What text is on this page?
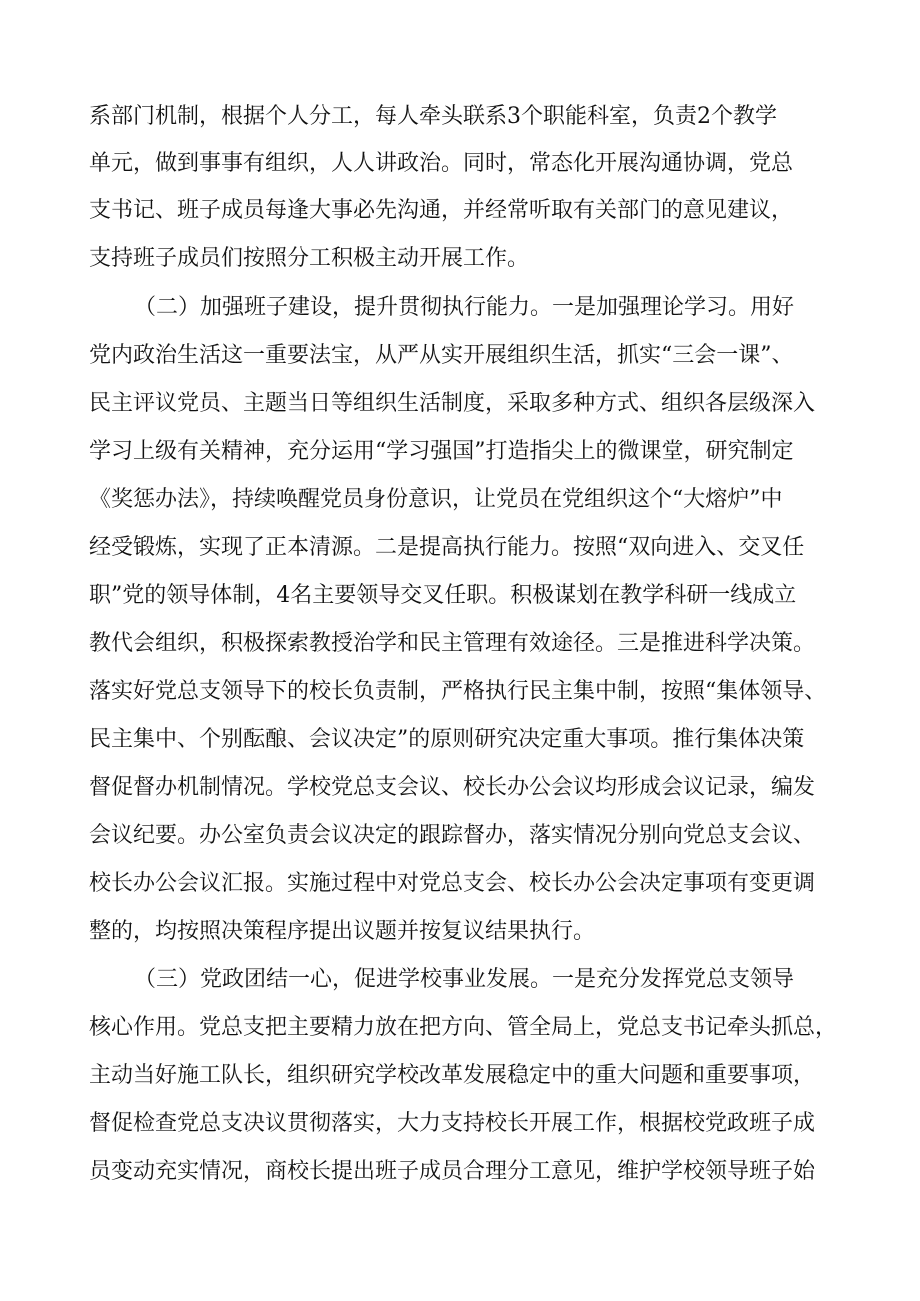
系部门机制，根据个人分工，每人牵头联系3个职能科室，负责2个教学
单元，做到事事有组织，人人讲政治。同时，常态化开展沟通协调，党总
支书记、班子成员每逢大事必先沟通，并经常听取有关部门的意见建议，
支持班子成员们按照分工积极主动开展工作。
（二）加强班子建设，提升贯彻执行能力。一是加强理论学习。用好
党内政治生活这一重要法宝，从严从实开展组织生活，抓实“三会一课”、
民主评议党员、主题当日等组织生活制度，采取多种方式、组织各层级深入
学习上级有关精神，充分运用“学习强国”打造指尖上的微课堂，研究制定
《奖惩办法》，持续唤醒党员身份意识，让党员在党组织这个“大熔炉”中
经受锻炼，实现了正本清源。二是提高执行能力。按照“双向进入、交叉任
职”党的领导体制，4名主要领导交叉任职。积极谋划在教学科研一线成立
教代会组织，积极探索教授治学和民主管理有效途径。三是推进科学决策。
落实好党总支领导下的校长负责制，严格执行民主集中制，按照“集体领导、
民主集中、个别酝酿、会议决定”的原则研究决定重大事项。推行集体决策
督促督办机制情况。学校党总支会议、校长办公会议均形成会议记录，编发
会议纪要。办公室负责会议决定的跟踪督办，落实情况分别向党总支会议、
校长办公会议汇报。实施过程中对党总支会、校长办公会决定事项有变更调
整的，均按照决策程序提出议题并按复议结果执行。
（三）党政团结一心，促进学校事业发展。一是充分发挥党总支领导
核心作用。党总支把主要精力放在把方向、管全局上，党总支书记牵头抓总，
主动当好施工队长，组织研究学校改革发展稳定中的重大问题和重要事项，
督促检查党总支决议贯彻落实，大力支持校长开展工作，根据校党政班子成
员变动充实情况，商校长提出班子成员合理分工意见，维护学校领导班子始
